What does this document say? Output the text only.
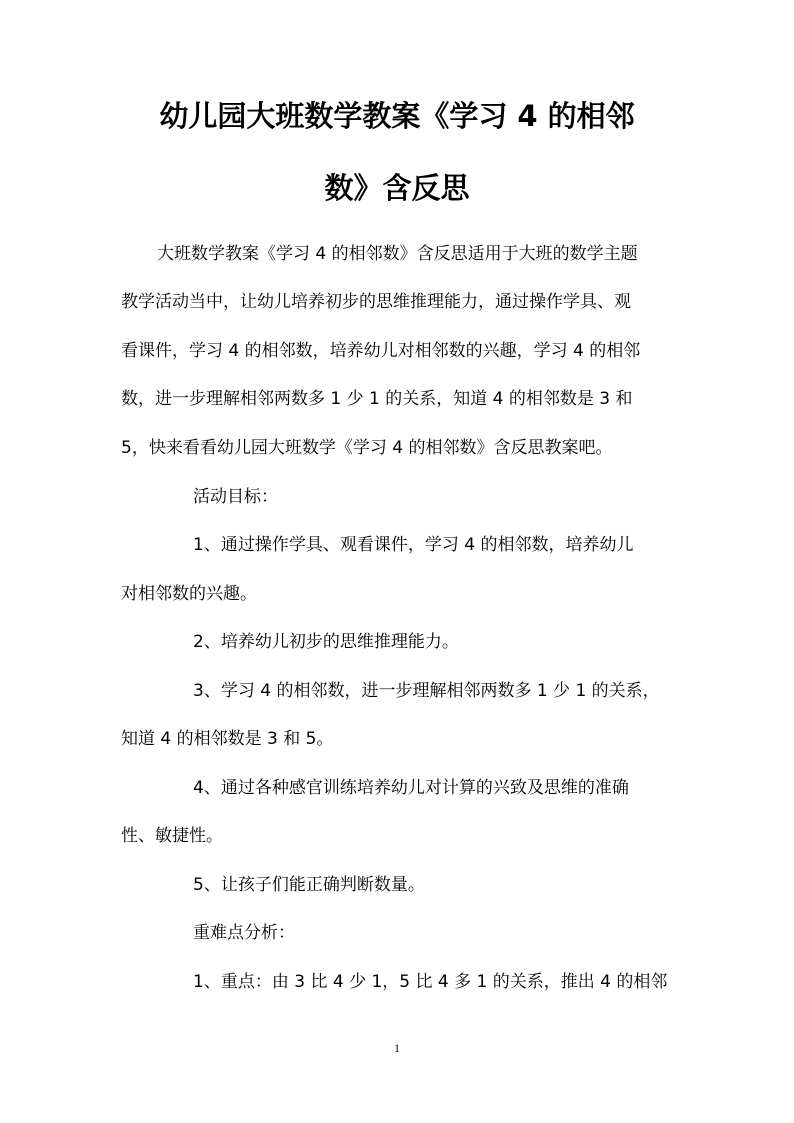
幼儿园大班数学教案《学习 4 的相邻
数》含反思
大班数学教案《学习 4 的相邻数》含反思适用于大班的数学主题
教学活动当中，让幼儿培养初步的思维推理能力，通过操作学具、观
看课件，学习 4 的相邻数，培养幼儿对相邻数的兴趣，学习 4 的相邻
数，进一步理解相邻两数多 1 少 1 的关系，知道 4 的相邻数是 3 和
5，快来看看幼儿园大班数学《学习 4 的相邻数》含反思教案吧。
活动目标：
1、通过操作学具、观看课件，学习 4 的相邻数，培养幼儿
对相邻数的兴趣。
2、培养幼儿初步的思维推理能力。
3、学习 4 的相邻数，进一步理解相邻两数多 1 少 1 的关系，
知道 4 的相邻数是 3 和 5。
4、通过各种感官训练培养幼儿对计算的兴致及思维的准确
性、敏捷性。
5、让孩子们能正确判断数量。
重难点分析：
1、重点：由 3 比 4 少 1，5 比 4 多 1 的关系，推出 4 的相邻
1
